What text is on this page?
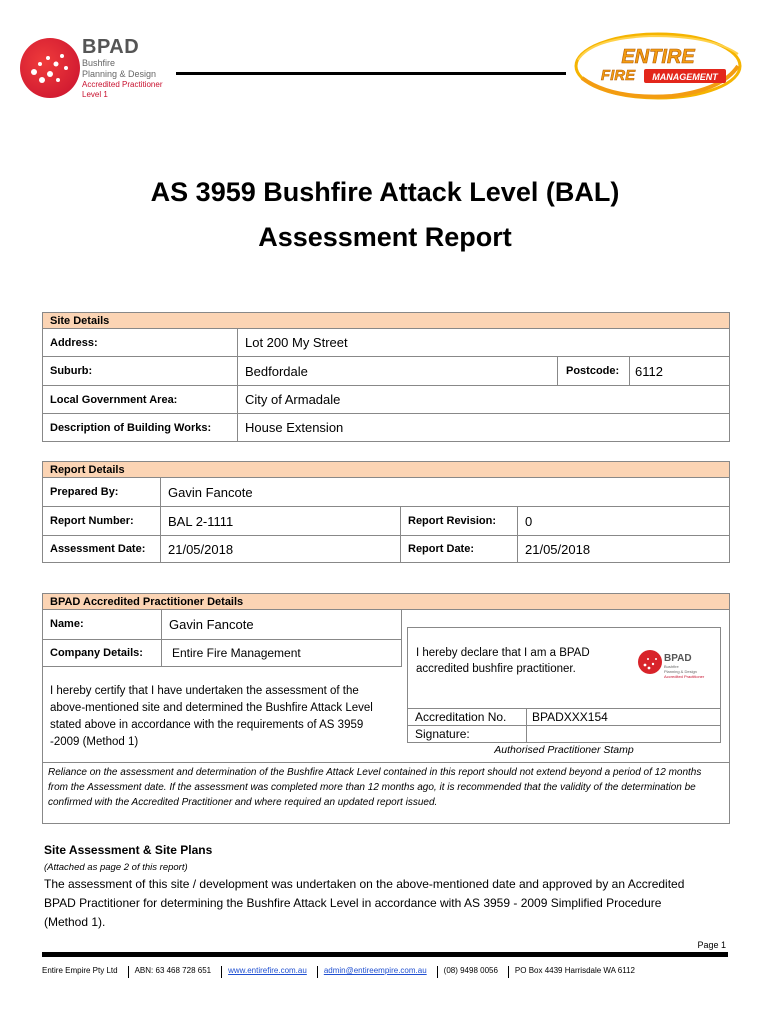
BPAD
Bushfire
Planning & Design
Accredited Practitioner
Level 1
ENTIRE
FIRE MANAGEMENT
AS 3959 Bushfire Attack Level (BAL)
Assessment Report
Site Details
Address:	Lot 200 My Street
Suburb:	Bedfordale	Postcode: 6112
Local Government Area:	City of Armadale
Description of Building Works:	House Extension
Report Details
Prepared By:	Gavin Fancote
Report Number:	BAL 2-1111	Report Revision: 0
Assessment Date: 21/05/2018	Report Date:	21/05/2018
BPAD Accredited Practitioner Details
Name:	Gavin Fancote
Company Details: Entire Fire Management
I hereby certify that I have undertaken the assessment of the above-mentioned site and determined the Bushfire Attack Level stated above in accordance with the requirements of AS 3959 -2009 (Method 1)
I hereby declare that I am a BPAD accredited bushfire practitioner.
BPAD
Bushfire
Planning & Design
Accredited Practitioner
Accreditation No. BPADXXX154
Signature:
Authorised Practitioner Stamp
Reliance on the assessment and determination of the Bushfire Attack Level contained in this report should not extend beyond a period of 12 months from the Assessment date. If the assessment was completed more than 12 months ago, it is recommended that the validity of the determination be confirmed with the Accredited Practitioner and where required an updated report issued.
Site Assessment & Site Plans
(Attached as page 2 of this report)
The assessment of this site / development was undertaken on the above-mentioned date and approved by an Accredited BPAD Practitioner for determining the Bushfire Attack Level in accordance with AS 3959 - 2009 Simplified Procedure (Method 1).
Page 1
Entire Empire Pty Ltd ABN: 63 468 728 651 www.entirefire.com.au admin@entireempire.com.au (08) 9498 0056 PO Box 4439 Harrisdale WA 6112
